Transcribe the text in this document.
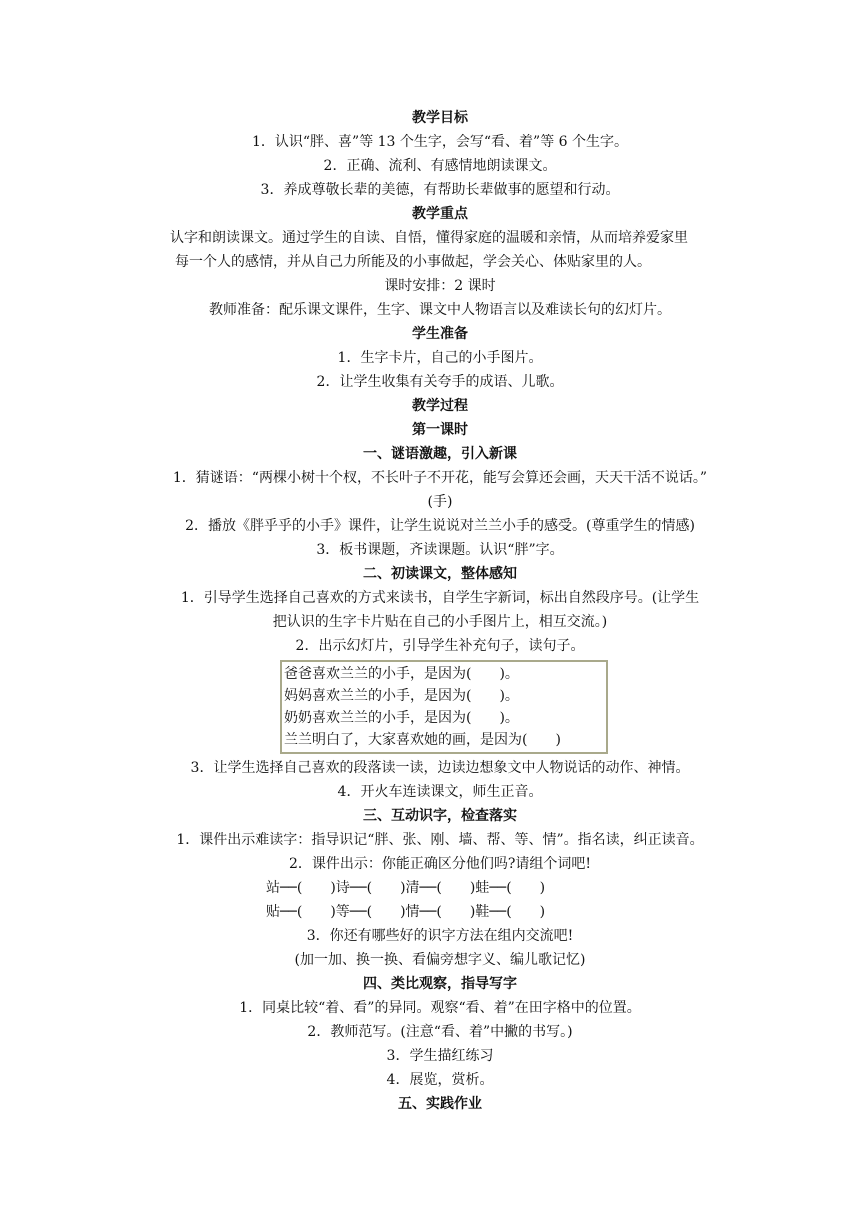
教学目标
1．认识“胖、喜”等 13 个生字，会写“看、着”等 6 个生字。
2．正确、流利、有感情地朗读课文。
3．养成尊敬长辈的美德，有帮助长辈做事的愿望和行动。
教学重点
认字和朗读课文。通过学生的自读、自悟，懂得家庭的温暖和亲情，从而培养爱家里
每一个人的感情，并从自己力所能及的小事做起，学会关心、体贴家里的人。
课时安排：2 课时
教师准备：配乐课文课件，生字、课文中人物语言以及难读长句的幻灯片。
学生准备
1．生字卡片，自己的小手图片。
2．让学生收集有关夸手的成语、儿歌。
教学过程
第一课时
一、谜语激趣，引入新课
1．猜谜语：“两棵小树十个杈，不长叶子不开花，能写会算还会画，天天干活不说话。”
(手)
2．播放《胖乎乎的小手》课件，让学生说说对兰兰小手的感受。(尊重学生的情感)
3．板书课题，齐读课题。认识“胖”字。
二、初读课文，整体感知
1．引导学生选择自己喜欢的方式来读书，自学生字新词，标出自然段序号。(让学生
把认识的生字卡片贴在自己的小手图片上，相互交流。)
2．出示幻灯片，引导学生补充句子，读句子。
爸爸喜欢兰兰的小手，是因为(　　)。
妈妈喜欢兰兰的小手，是因为(　　)。
奶奶喜欢兰兰的小手，是因为(　　)。
兰兰明白了，大家喜欢她的画，是因为(　　)
3．让学生选择自己喜欢的段落读一读，边读边想象文中人物说话的动作、神情。
4．开火车连读课文，师生正音。
三、互动识字，检查落实
1．课件出示难读字：指导识记“胖、张、刚、墙、帮、等、情”。指名读，纠正读音。
2．课件出示：你能正确区分他们吗?请组个词吧!
站──(　　)诗──(　　)清──(　　)蛙──(　　)
贴──(　　)等──(　　)情──(　　)鞋──(　　)
3．你还有哪些好的识字方法在组内交流吧!
(加一加、换一换、看偏旁想字义、编儿歌记忆)
四、类比观察，指导写字
1．同桌比较“着、看”的异同。观察“看、着”在田字格中的位置。
2．教师范写。(注意“看、着”中撇的书写。)
3．学生描红练习
4．展览，赏析。
五、实践作业
